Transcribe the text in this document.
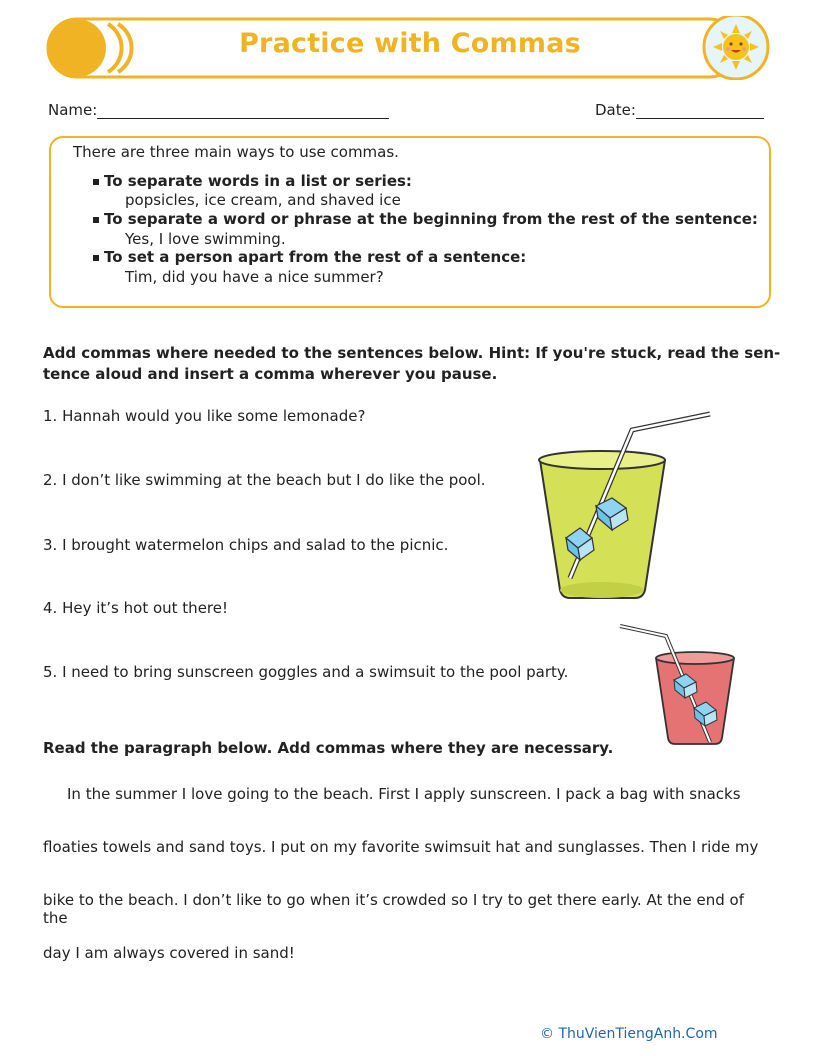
Practice with Commas
Name:	Date:
There are three main ways to use commas.
To separate words in a list or series:
popsicles, ice cream, and shaved ice
To separate a word or phrase at the beginning from the rest of the sentence:
Yes, I love swimming.
To set a person apart from the rest of a sentence:
Tim, did you have a nice summer?
Add commas where needed to the sentences below. Hint: If you're stuck, read the sen-
tence aloud and insert a comma wherever you pause.
1. Hannah would you like some lemonade?
2. I don’t like swimming at the beach but I do like the pool.
3. I brought watermelon chips and salad to the picnic.
4. Hey it’s hot out there!
5. I need to bring sunscreen goggles and a swimsuit to the pool party.
Read the paragraph below. Add commas where they are necessary.
In the summer I love going to the beach. First I apply sunscreen. I pack a bag with snacks
floaties towels and sand toys. I put on my favorite swimsuit hat and sunglasses. Then I ride my
bike to the beach. I don’t like to go when it’s crowded so I try to get there early. At the end of the
day I am always covered in sand!
© ThuVienTiengAnh.Com
